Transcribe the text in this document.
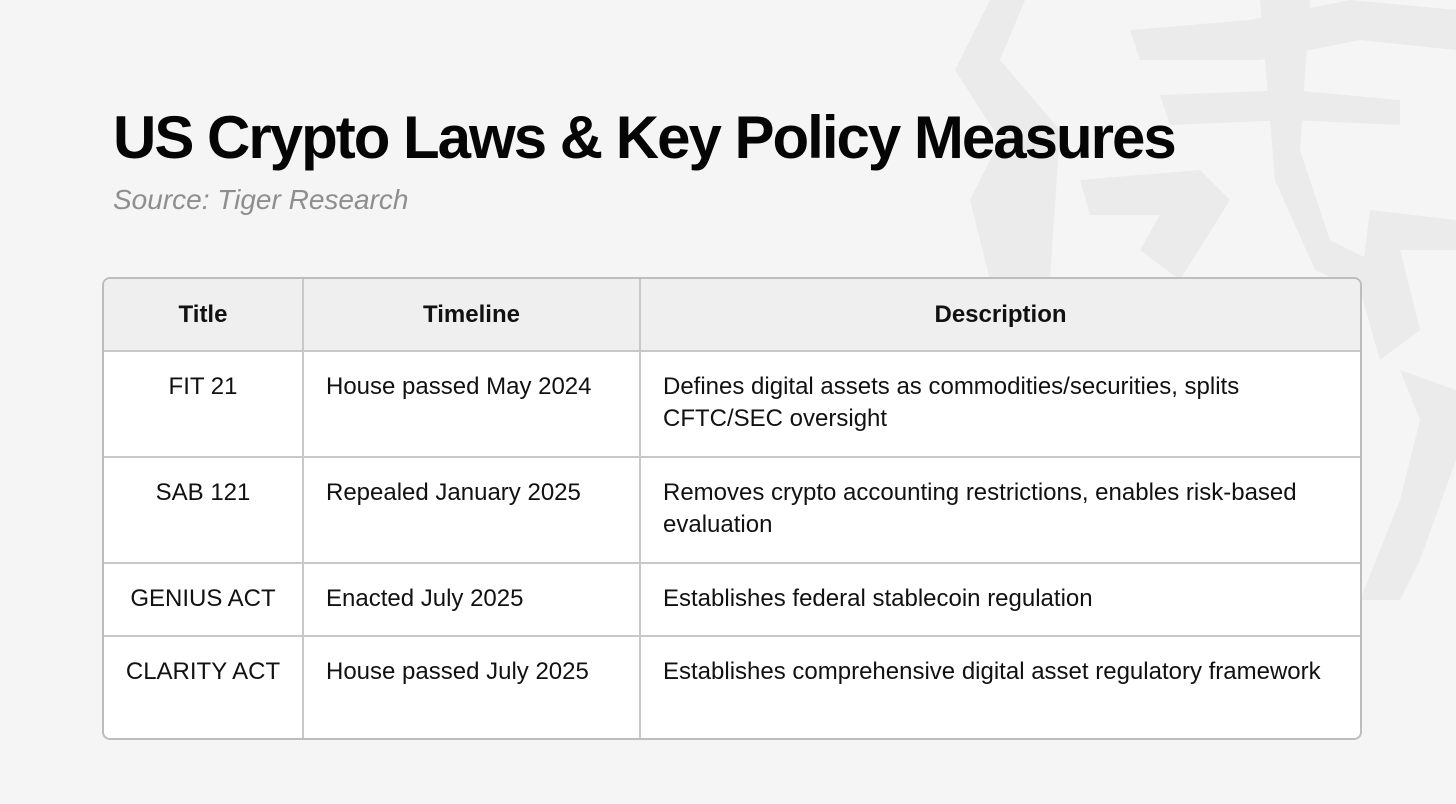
US Crypto Laws & Key Policy Measures

Source: Tiger Research

Title	Timeline	Description
FIT 21	House passed May 2024	Defines digital assets as commodities/securities, splits CFTC/SEC oversight
SAB 121	Repealed January 2025	Removes crypto accounting restrictions, enables risk-based evaluation
GENIUS ACT	Enacted July 2025	Establishes federal stablecoin regulation
CLARITY ACT	House passed July 2025	Establishes comprehensive digital asset regulatory framework
